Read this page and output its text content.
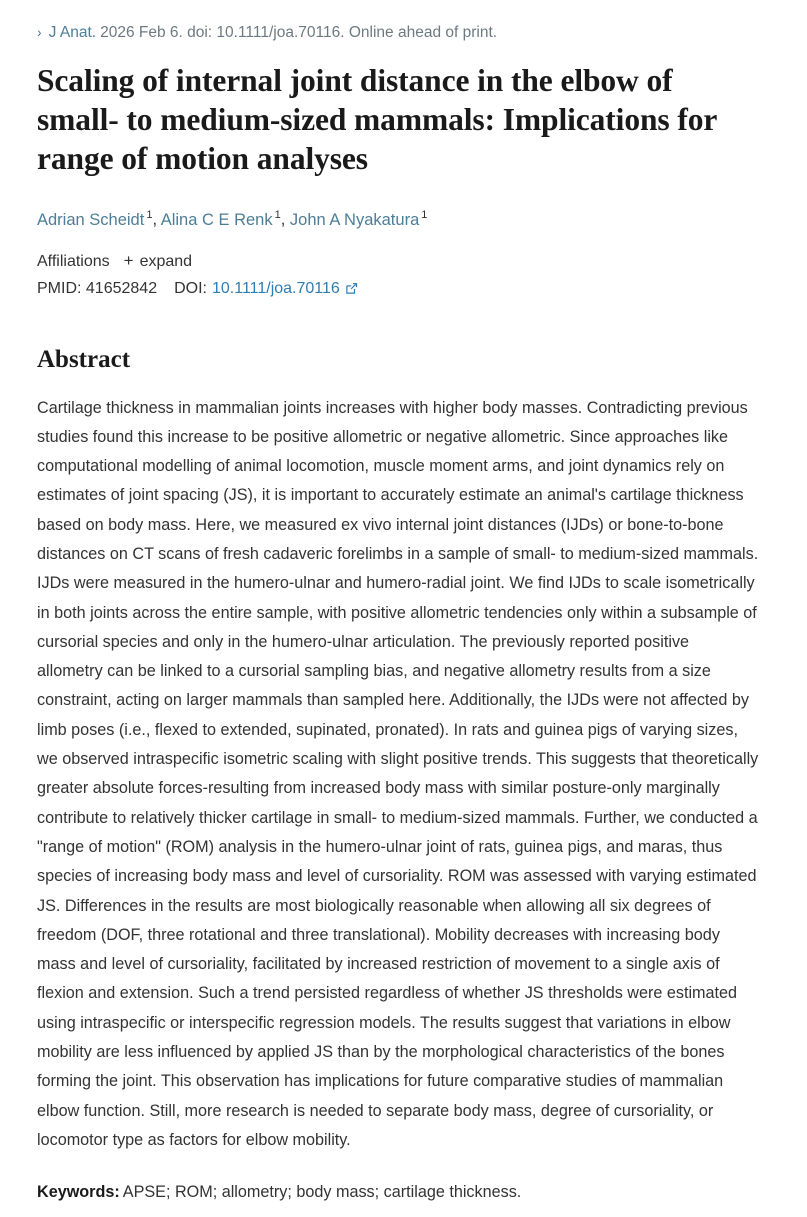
› J Anat. 2026 Feb 6. doi: 10.1111/joa.70116. Online ahead of print.
Scaling of internal joint distance in the elbow of small- to medium-sized mammals: Implications for range of motion analyses
Adrian Scheidt $^1$, Alina C E Renk $^1$, John A Nyakatura $^1$
Affiliations + expand
PMID: 41652842 DOI: 10.1111/joa.70116
Abstract

Cartilage thickness in mammalian joints increases with higher body masses. Contradicting previous studies found this increase to be positive allometric or negative allometric. Since approaches like computational modelling of animal locomotion, muscle moment arms, and joint dynamics rely on estimates of joint spacing (JS), it is important to accurately estimate an animal's cartilage thickness based on body mass. Here, we measured ex vivo internal joint distances (IJDs) or bone-to-bone distances on CT scans of fresh cadaveric forelimbs in a sample of small- to medium-sized mammals. IJDs were measured in the humero-ulnar and humero-radial joint. We find IJDs to scale isometrically in both joints across the entire sample, with positive allometric tendencies only within a subsample of cursorial species and only in the humero-ulnar articulation. The previously reported positive allometry can be linked to a cursorial sampling bias, and negative allometry results from a size constraint, acting on larger mammals than sampled here. Additionally, the IJDs were not affected by limb poses (i.e., flexed to extended, supinated, pronated). In rats and guinea pigs of varying sizes, we observed intraspecific isometric scaling with slight positive trends. This suggests that theoretically greater absolute forces-resulting from increased body mass with similar posture-only marginally contribute to relatively thicker cartilage in small- to medium-sized mammals. Further, we conducted a "range of motion" (ROM) analysis in the humero-ulnar joint of rats, guinea pigs, and maras, thus species of increasing body mass and level of cursoriality. ROM was assessed with varying estimated JS. Differences in the results are most biologically reasonable when allowing all six degrees of freedom (DOF, three rotational and three translational). Mobility decreases with increasing body mass and level of cursoriality, facilitated by increased restriction of movement to a single axis of flexion and extension. Such a trend persisted regardless of whether JS thresholds were estimated using intraspecific or interspecific regression models. The results suggest that variations in elbow mobility are less influenced by applied JS than by the morphological characteristics of the bones forming the joint. This observation has implications for future comparative studies of mammalian elbow function. Still, more research is needed to separate body mass, degree of cursoriality, or locomotor type as factors for elbow mobility.

Keywords: APSE; ROM; allometry; body mass; cartilage thickness.
